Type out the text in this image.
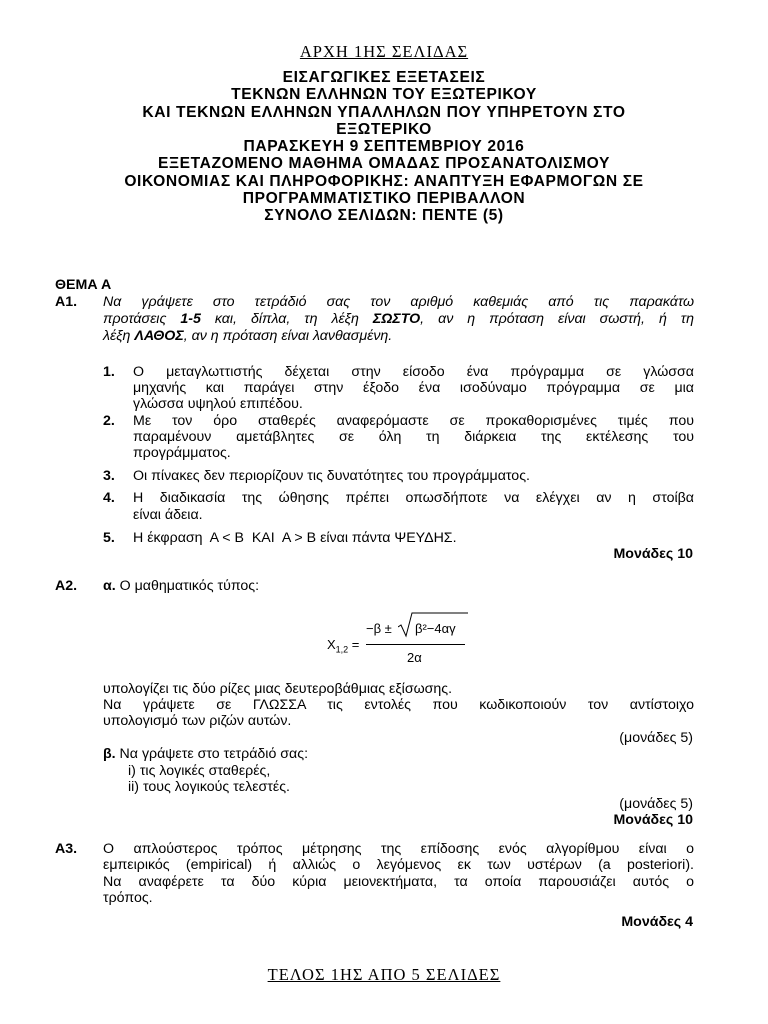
ΑΡΧΗ 1ΗΣ ΣΕΛΙΔΑΣ
ΕΙΣΑΓΩΓΙΚΕΣ ΕΞΕΤΑΣΕΙΣ
ΤΕΚΝΩΝ ΕΛΛΗΝΩΝ ΤΟΥ ΕΞΩΤΕΡΙΚΟΥ
ΚΑΙ ΤΕΚΝΩΝ ΕΛΛΗΝΩΝ ΥΠΑΛΛΗΛΩΝ ΠΟΥ ΥΠΗΡΕΤΟΥΝ ΣΤΟ
ΕΞΩΤΕΡΙΚΟ
ΠΑΡΑΣΚΕΥΗ 9 ΣΕΠΤΕΜΒΡΙΟΥ 2016
ΕΞΕΤΑΖΟΜΕΝΟ ΜΑΘΗΜΑ ΟΜΑΔΑΣ ΠΡΟΣΑΝΑΤΟΛΙΣΜΟΥ
ΟΙΚΟΝΟΜΙΑΣ ΚΑΙ ΠΛΗΡΟΦΟΡΙΚΗΣ: ΑΝΑΠΤΥΞΗ ΕΦΑΡΜΟΓΩΝ ΣΕ
ΠΡΟΓΡΑΜΜΑΤΙΣΤΙΚΟ ΠΕΡΙΒΑΛΛΟΝ
ΣΥΝΟΛΟ ΣΕΛΙΔΩΝ: ΠΕΝΤΕ (5)
ΘΕΜΑ Α
Α1. Να γράψετε στο τετράδιό σας τον αριθμό καθεμιάς από τις παρακάτω
προτάσεις 1-5 και, δίπλα, τη λέξη ΣΩΣΤΟ, αν η πρόταση είναι σωστή, ή τη
λέξη ΛΑΘΟΣ, αν η πρόταση είναι λανθασμένη.
1. Ο μεταγλωττιστής δέχεται στην είσοδο ένα πρόγραμμα σε γλώσσα
μηχανής και παράγει στην έξοδο ένα ισοδύναμο πρόγραμμα σε μια
γλώσσα υψηλού επιπέδου.
2. Με τον όρο σταθερές αναφερόμαστε σε προκαθορισμένες τιμές που
παραμένουν αμετάβλητες σε όλη τη διάρκεια της εκτέλεσης του
προγράμματος.
3. Οι πίνακες δεν περιορίζουν τις δυνατότητες του προγράμματος.
4. Η διαδικασία της ώθησης πρέπει οπωσδήποτε να ελέγχει αν η στοίβα
είναι άδεια.
5. Η έκφραση  Α < Β  ΚΑΙ  Α > Β είναι πάντα ΨΕΥΔΗΣ.
Μονάδες 10
Α2. α. Ο μαθηματικός τύπος:
$X_{1,2}$ =
−β ± β²−4αγ
2α
υπολογίζει τις δύο ρίζες μιας δευτεροβάθμιας εξίσωσης.
Να γράψετε σε ΓΛΩΣΣΑ τις εντολές που κωδικοποιούν τον αντίστοιχο
υπολογισμό των ριζών αυτών.
(μονάδες 5)
β. Να γράψετε στο τετράδιό σας:
i) τις λογικές σταθερές,
ii) τους λογικούς τελεστές.
(μονάδες 5)
Μονάδες 10
Α3. Ο απλούστερος τρόπος μέτρησης της επίδοσης ενός αλγορίθμου είναι ο
εμπειρικός (empirical) ή αλλιώς ο λεγόμενος εκ των υστέρων (a posteriori).
Να αναφέρετε τα δύο κύρια μειονεκτήματα, τα οποία παρουσιάζει αυτός ο
τρόπος.
Μονάδες 4
ΤΕΛΟΣ 1ΗΣ ΑΠΟ 5 ΣΕΛΙΔΕΣ
